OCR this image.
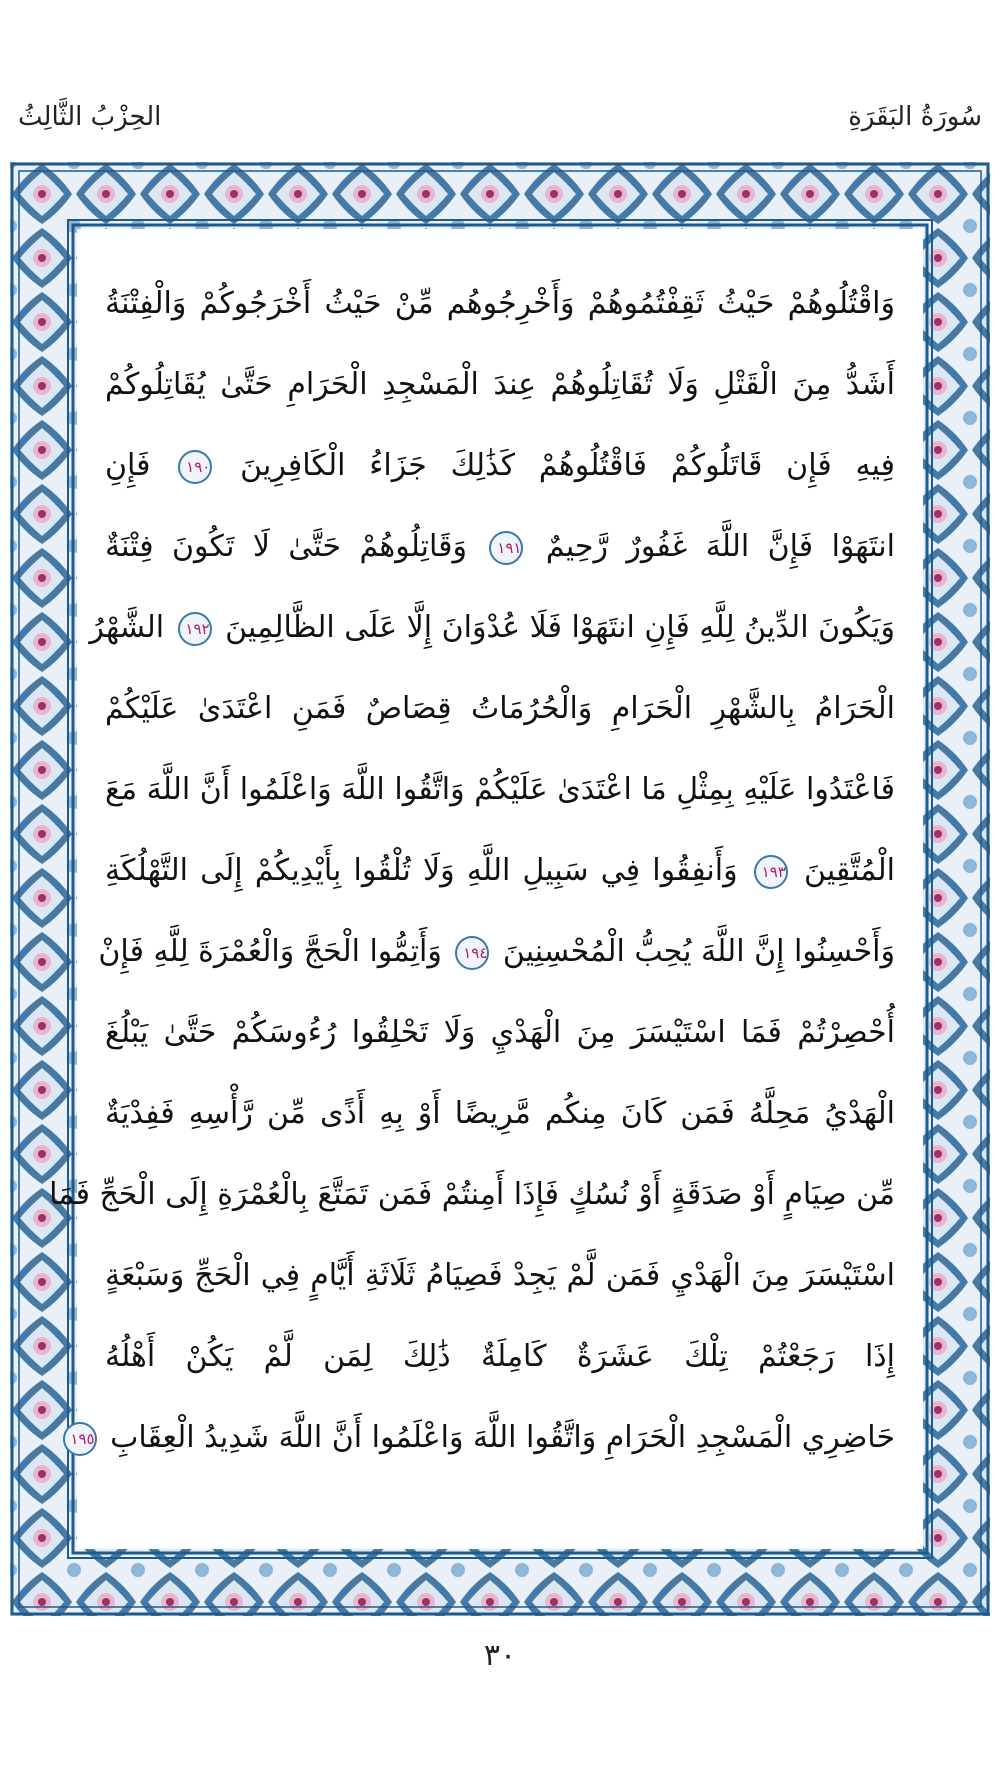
سُورَةُ البَقَرَةِ
الحِزْبُ الثَّالِثُ
وَاقْتُلُوهُمْ حَيْثُ ثَقِفْتُمُوهُمْ وَأَخْرِجُوهُم مِّنْ حَيْثُ أَخْرَجُوكُمْ وَالْفِتْنَةُ
أَشَدُّ مِنَ الْقَتْلِ وَلَا تُقَاتِلُوهُمْ عِندَ الْمَسْجِدِ الْحَرَامِ حَتَّىٰ يُقَاتِلُوكُمْ
فِيهِ فَإِن قَاتَلُوكُمْ فَاقْتُلُوهُمْ كَذَٰلِكَ جَزَاءُ الْكَافِرِينَ ١٩٠ فَإِنِ
انتَهَوْا فَإِنَّ اللَّهَ غَفُورٌ رَّحِيمٌ ١٩١ وَقَاتِلُوهُمْ حَتَّىٰ لَا تَكُونَ فِتْنَةٌ
وَيَكُونَ الدِّينُ لِلَّهِ فَإِنِ انتَهَوْا فَلَا عُدْوَانَ إِلَّا عَلَى الظَّالِمِينَ ١٩٢ الشَّهْرُ
الْحَرَامُ بِالشَّهْرِ الْحَرَامِ وَالْحُرُمَاتُ قِصَاصٌ فَمَنِ اعْتَدَىٰ عَلَيْكُمْ
فَاعْتَدُوا عَلَيْهِ بِمِثْلِ مَا اعْتَدَىٰ عَلَيْكُمْ وَاتَّقُوا اللَّهَ وَاعْلَمُوا أَنَّ اللَّهَ مَعَ
الْمُتَّقِينَ ١٩٣ وَأَنفِقُوا فِي سَبِيلِ اللَّهِ وَلَا تُلْقُوا بِأَيْدِيكُمْ إِلَى التَّهْلُكَةِ
وَأَحْسِنُوا إِنَّ اللَّهَ يُحِبُّ الْمُحْسِنِينَ ١٩٤ وَأَتِمُّوا الْحَجَّ وَالْعُمْرَةَ لِلَّهِ فَإِنْ
أُحْصِرْتُمْ فَمَا اسْتَيْسَرَ مِنَ الْهَدْيِ وَلَا تَحْلِقُوا رُءُوسَكُمْ حَتَّىٰ يَبْلُغَ
الْهَدْيُ مَحِلَّهُ فَمَن كَانَ مِنكُم مَّرِيضًا أَوْ بِهِ أَذًى مِّن رَّأْسِهِ فَفِدْيَةٌ
مِّن صِيَامٍ أَوْ صَدَقَةٍ أَوْ نُسُكٍ فَإِذَا أَمِنتُمْ فَمَن تَمَتَّعَ بِالْعُمْرَةِ إِلَى الْحَجِّ فَمَا
اسْتَيْسَرَ مِنَ الْهَدْيِ فَمَن لَّمْ يَجِدْ فَصِيَامُ ثَلَاثَةِ أَيَّامٍ فِي الْحَجِّ وَسَبْعَةٍ
إِذَا رَجَعْتُمْ تِلْكَ عَشَرَةٌ كَامِلَةٌ ذَٰلِكَ لِمَن لَّمْ يَكُنْ أَهْلُهُ
حَاضِرِي الْمَسْجِدِ الْحَرَامِ وَاتَّقُوا اللَّهَ وَاعْلَمُوا أَنَّ اللَّهَ شَدِيدُ الْعِقَابِ ١٩٥
٣٠
